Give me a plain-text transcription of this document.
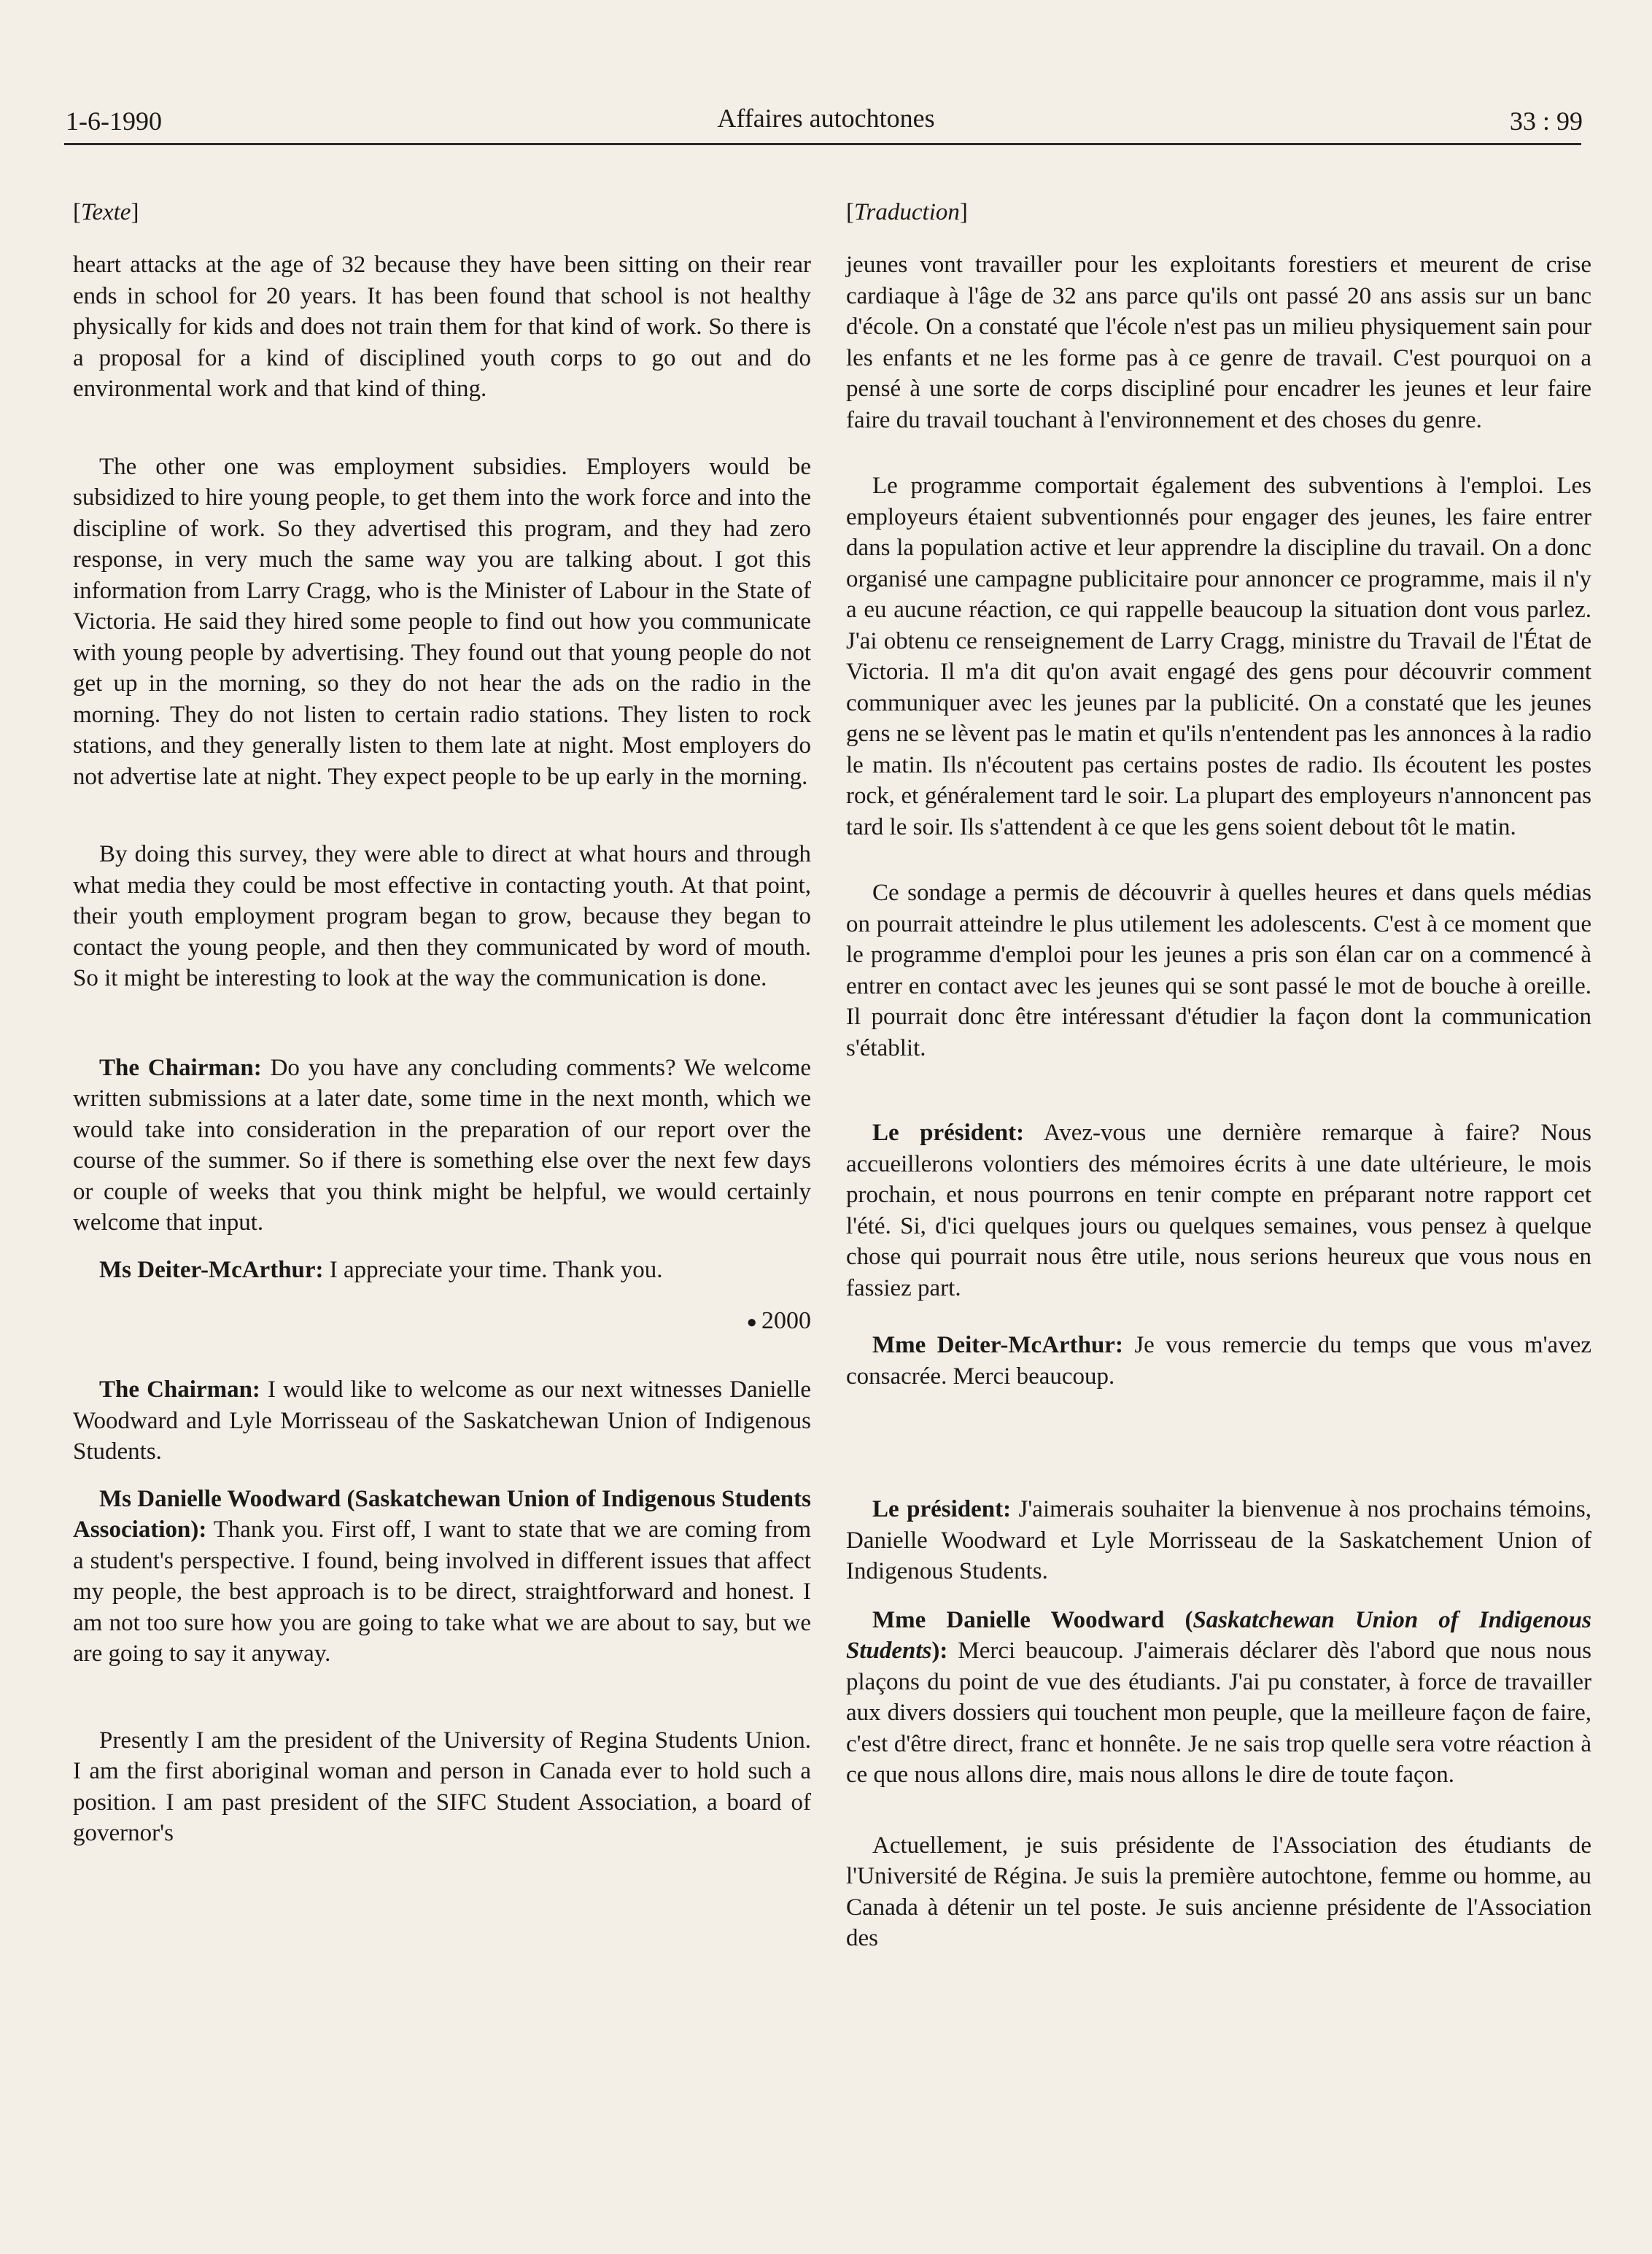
1-6-1990	Affaires autochtones	33 : 99
[Texte]

heart attacks at the age of 32 because they have been sitting on their rear ends in school for 20 years. It has been found that school is not healthy physically for kids and does not train them for that kind of work. So there is a proposal for a kind of disciplined youth corps to go out and do environmental work and that kind of thing.

The other one was employment subsidies. Employers would be subsidized to hire young people, to get them into the work force and into the discipline of work. So they advertised this program, and they had zero response, in very much the same way you are talking about. I got this information from Larry Cragg, who is the Minister of Labour in the State of Victoria. He said they hired some people to find out how you communicate with young people by advertising. They found out that young people do not get up in the morning, so they do not hear the ads on the radio in the morning. They do not listen to certain radio stations. They listen to rock stations, and they generally listen to them late at night. Most employers do not advertise late at night. They expect people to be up early in the morning.

By doing this survey, they were able to direct at what hours and through what media they could be most effective in contacting youth. At that point, their youth employment program began to grow, because they began to contact the young people, and then they communicated by word of mouth. So it might be interesting to look at the way the communication is done.

The Chairman: Do you have any concluding comments? We welcome written submissions at a later date, some time in the next month, which we would take into consideration in the preparation of our report over the course of the summer. So if there is something else over the next few days or couple of weeks that you think might be helpful, we would certainly welcome that input.

Ms Deiter-McArthur: I appreciate your time. Thank you.

● 2000

The Chairman: I would like to welcome as our next witnesses Danielle Woodward and Lyle Morrisseau of the Saskatchewan Union of Indigenous Students.

Ms Danielle Woodward (Saskatchewan Union of Indigenous Students Association): Thank you. First off, I want to state that we are coming from a student's perspective. I found, being involved in different issues that affect my people, the best approach is to be direct, straightforward and honest. I am not too sure how you are going to take what we are about to say, but we are going to say it anyway.

Presently I am the president of the University of Regina Students Union. I am the first aboriginal woman and person in Canada ever to hold such a position. I am past president of the SIFC Student Association, a board of governor's

[Traduction]

jeunes vont travailler pour les exploitants forestiers et meurent de crise cardiaque à l'âge de 32 ans parce qu'ils ont passé 20 ans assis sur un banc d'école. On a constaté que l'école n'est pas un milieu physiquement sain pour les enfants et ne les forme pas à ce genre de travail. C'est pourquoi on a pensé à une sorte de corps discipliné pour encadrer les jeunes et leur faire faire du travail touchant à l'environnement et des choses du genre.

Le programme comportait également des subventions à l'emploi. Les employeurs étaient subventionnés pour engager des jeunes, les faire entrer dans la population active et leur apprendre la discipline du travail. On a donc organisé une campagne publicitaire pour annoncer ce programme, mais il n'y a eu aucune réaction, ce qui rappelle beaucoup la situation dont vous parlez. J'ai obtenu ce renseignement de Larry Cragg, ministre du Travail de l'État de Victoria. Il m'a dit qu'on avait engagé des gens pour découvrir comment communiquer avec les jeunes par la publicité. On a constaté que les jeunes gens ne se lèvent pas le matin et qu'ils n'entendent pas les annonces à la radio le matin. Ils n'écoutent pas certains postes de radio. Ils écoutent les postes rock, et généralement tard le soir. La plupart des employeurs n'annoncent pas tard le soir. Ils s'attendent à ce que les gens soient debout tôt le matin.

Ce sondage a permis de découvrir à quelles heures et dans quels médias on pourrait atteindre le plus utilement les adolescents. C'est à ce moment que le programme d'emploi pour les jeunes a pris son élan car on a commencé à entrer en contact avec les jeunes qui se sont passé le mot de bouche à oreille. Il pourrait donc être intéressant d'étudier la façon dont la communication s'établit.

Le président: Avez-vous une dernière remarque à faire? Nous accueillerons volontiers des mémoires écrits à une date ultérieure, le mois prochain, et nous pourrons en tenir compte en préparant notre rapport cet l'été. Si, d'ici quelques jours ou quelques semaines, vous pensez à quelque chose qui pourrait nous être utile, nous serions heureux que vous nous en fassiez part.

Mme Deiter-McArthur: Je vous remercie du temps que vous m'avez consacrée. Merci beaucoup.

Le président: J'aimerais souhaiter la bienvenue à nos prochains témoins, Danielle Woodward et Lyle Morrisseau de la Saskatchement Union of Indigenous Students.

Mme Danielle Woodward (Saskatchewan Union of Indigenous Students): Merci beaucoup. J'aimerais déclarer dès l'abord que nous nous plaçons du point de vue des étudiants. J'ai pu constater, à force de travailler aux divers dossiers qui touchent mon peuple, que la meilleure façon de faire, c'est d'être direct, franc et honnête. Je ne sais trop quelle sera votre réaction à ce que nous allons dire, mais nous allons le dire de toute façon.

Actuellement, je suis présidente de l'Association des étudiants de l'Université de Régina. Je suis la première autochtone, femme ou homme, au Canada à détenir un tel poste. Je suis ancienne présidente de l'Association des
